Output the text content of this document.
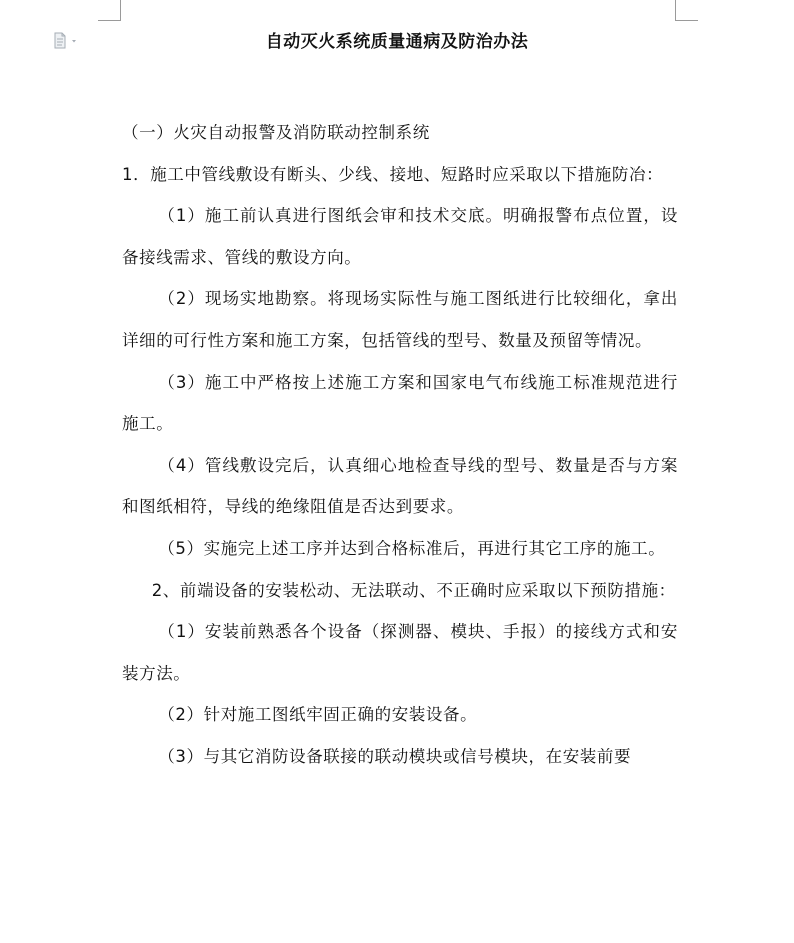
自动灭火系统质量通病及防治办法

（一）火灾自动报警及消防联动控制系统

1．施工中管线敷设有断头、少线、接地、短路时应采取以下措施防冶：

（1）施工前认真进行图纸会审和技术交底。明确报警布点位置，设备接线需求、管线的敷设方向。

（2）现场实地勘察。将现场实际性与施工图纸进行比较细化，拿出详细的可行性方案和施工方案，包括管线的型号、数量及预留等情况。

（3）施工中严格按上述施工方案和国家电气布线施工标准规范进行施工。

（4）管线敷设完后，认真细心地检查导线的型号、数量是否与方案和图纸相符，导线的绝缘阻值是否达到要求。

（5）实施完上述工序并达到合格标准后，再进行其它工序的施工。

2、前端设备的安装松动、无法联动、不正确时应采取以下预防措施：

（1）安装前熟悉各个设备（探测器、模块、手报）的接线方式和安装方法。

（2）针对施工图纸牢固正确的安装设备。

（3）与其它消防设备联接的联动模块或信号模块，在安装前要
